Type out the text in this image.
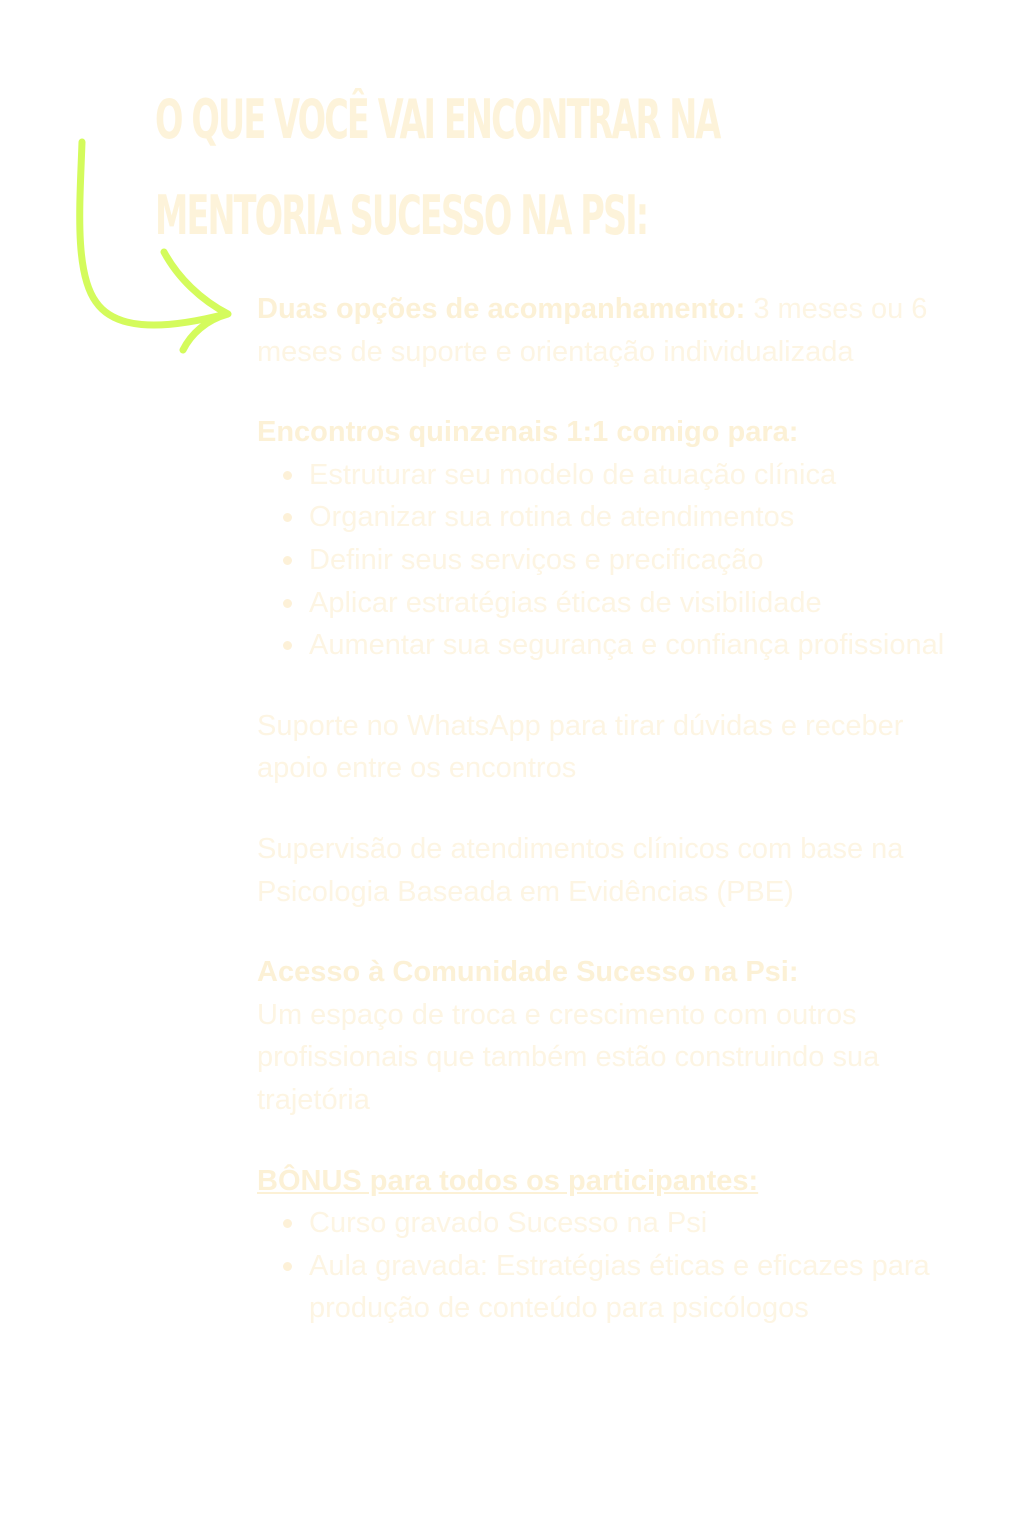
O QUE VOCÊ VAI ENCONTRAR NA
MENTORIA SUCESSO NA PSI:

Duas opções de acompanhamento: 3 meses ou 6 meses de suporte e orientação individualizada

Encontros quinzenais 1:1 comigo para:

Estruturar seu modelo de atuação clínica
Organizar sua rotina de atendimentos
Definir seus serviços e precificação
Aplicar estratégias éticas de visibilidade
Aumentar sua segurança e confiança profissional

Suporte no WhatsApp para tirar dúvidas e receber apoio entre os encontros

Supervisão de atendimentos clínicos com base na Psicologia Baseada em Evidências (PBE)

Acesso à Comunidade Sucesso na Psi:

Um espaço de troca e crescimento com outros profissionais que também estão construindo sua trajetória

BÔNUS para todos os participantes:

Curso gravado Sucesso na Psi
Aula gravada: Estratégias éticas e eficazes para produção de conteúdo para psicólogos
